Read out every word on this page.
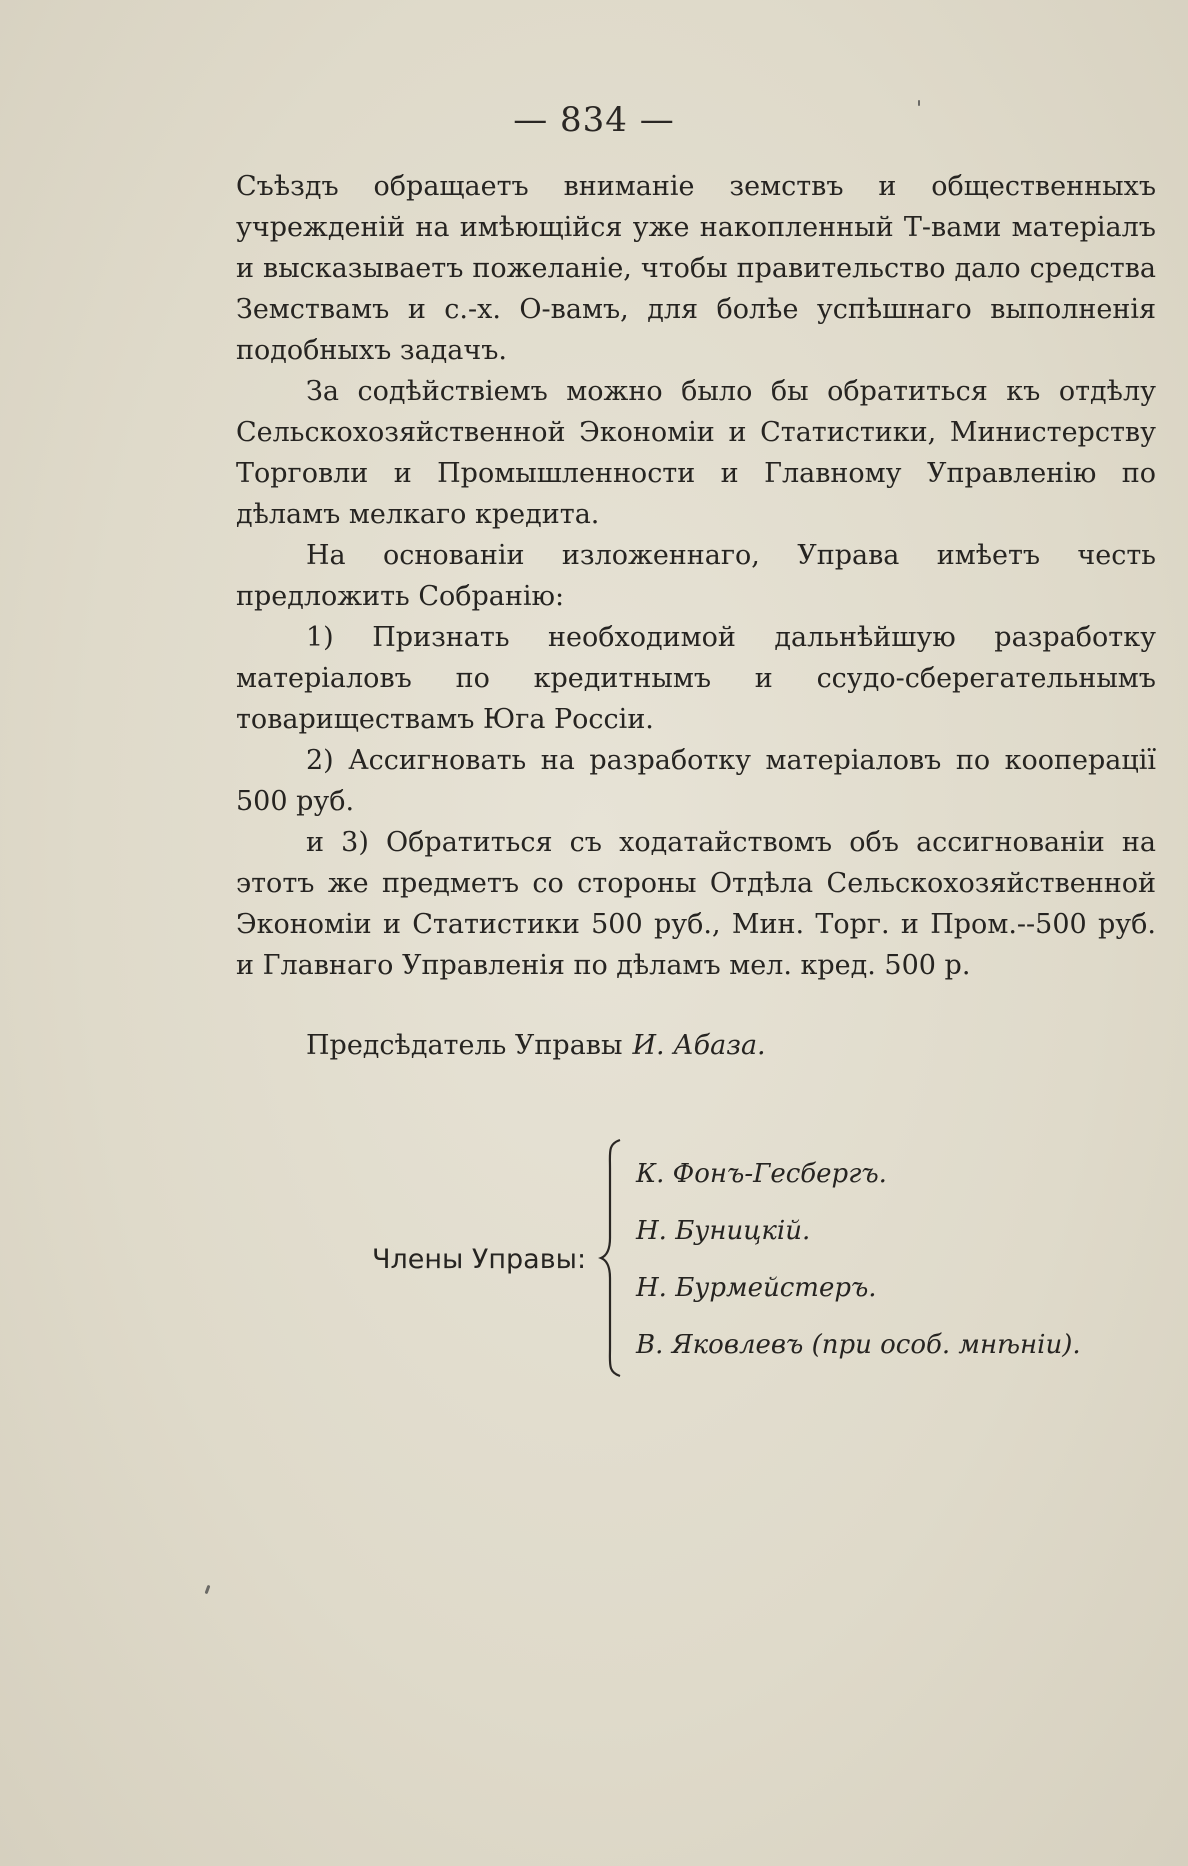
— 834 —

Съѣздъ обращаетъ вниманіе земствъ и общественныхъ учрежденій на имѣющійся уже накопленный Т-вами матеріалъ и высказываетъ пожеланіе, чтобы правительство дало средства Земствамъ и с.-х. О-вамъ, для болѣе успѣшнаго выполненія подобныхъ задачъ.

За содѣйствіемъ можно было бы обратиться къ отдѣлу Сельскохозяйственной Экономіи и Статистики, Министерству Торговли и Промышленности и Главному Управленію по дѣламъ мелкаго кредита.

На основаніи изложеннаго, Управа имѣетъ честь предложить Собранію:

1) Признать необходимой дальнѣйшую разработку матеріаловъ по кредитнымъ и ссудо-сберегательнымъ товариществамъ Юга Россіи.

2) Ассигновать на разработку матеріаловъ по кооперації 500 руб.

и 3) Обратиться съ ходатайствомъ объ ассигнованіи на этотъ же предметъ со стороны Отдѣла Сельскохозяйственной Экономіи и Статистики 500 руб., Мин. Торг. и Пром.--500 руб. и Главнаго Управленія по дѣламъ мел. кред. 500 р.

Предсѣдатель Управы И. Абаза.
Члены Управы:
К. Фонъ-Гесбергъ.
Н. Буницкій.
Н. Бурмейстеръ.
В. Яковлевъ (при особ. мнѣніи).
